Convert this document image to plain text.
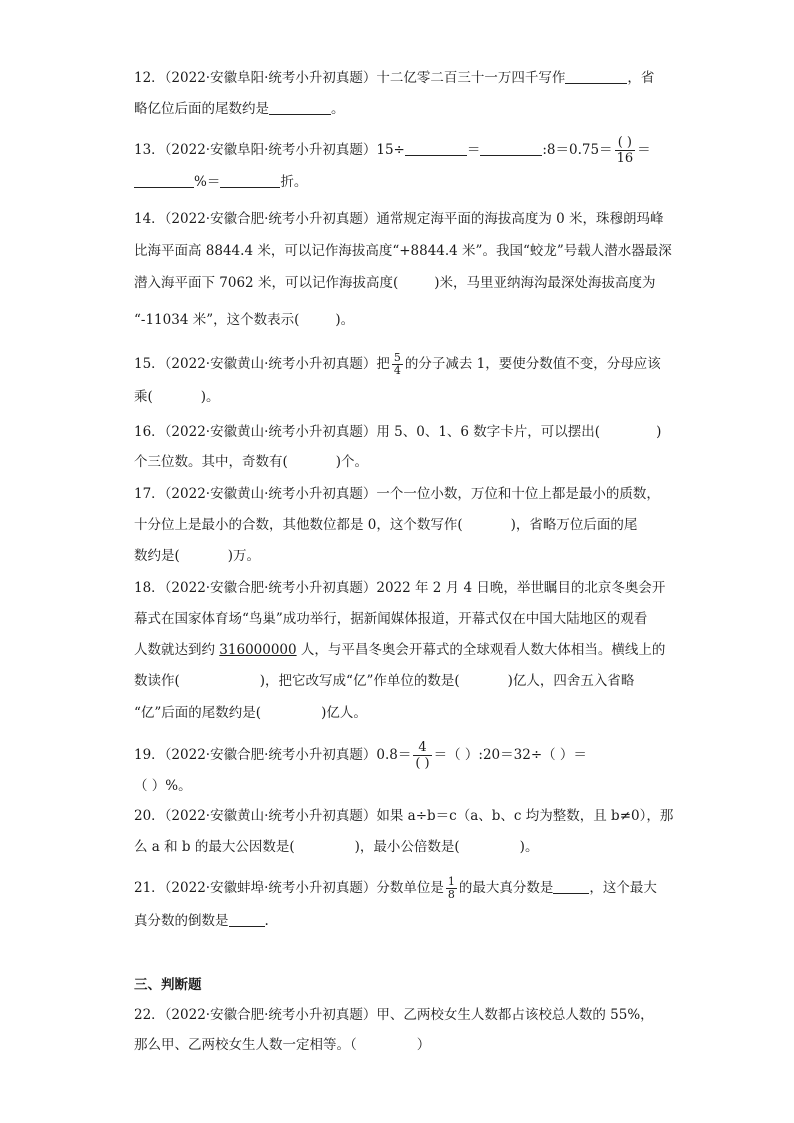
12．（2022·安徽阜阳·统考小升初真题）十二亿零二百三十一万四千写作	，省
略亿位后面的尾数约是	。
13．（2022·安徽阜阳·统考小升初真题）15÷	＝	:8＝0.75＝ $\frac{( )}{16}$ ＝
%＝	折。
14．（2022·安徽合肥·统考小升初真题）通常规定海平面的海拔高度为 0 米，珠穆朗玛峰
比海平面高 8844.4 米，可以记作海拔高度“+8844.4 米”。我国“蛟龙”号载人潜水器最深
潜入海平面下 7062 米，可以记作海拔高度(	)米，马里亚纳海沟最深处海拔高度为
“-11034 米”，这个数表示(	)。
15．（2022·安徽黄山·统考小升初真题）把 $\frac{5}{4}$ 的分子减去 1，要使分数值不变，分母应该
乘(	)。
16．（2022·安徽黄山·统考小升初真题）用 5、0、1、6 数字卡片，可以摆出(	)
个三位数。其中，奇数有(	)个。
17．（2022·安徽黄山·统考小升初真题）一个一位小数，万位和十位上都是最小的质数，
十分位上是最小的合数，其他数位都是 0，这个数写作(	)，省略万位后面的尾
数约是(	)万。
18．（2022·安徽合肥·统考小升初真题）2022 年 2 月 4 日晚，举世瞩目的北京冬奥会开
幕式在国家体育场“鸟巢”成功举行，据新闻媒体报道，开幕式仅在中国大陆地区的观看
人数就达到约 316000000 人，与平昌冬奥会开幕式的全球观看人数大体相当。横线上的
数读作(	)，把它改写成“亿”作单位的数是(	)亿人，四舍五入省略
“亿”后面的尾数约是(	)亿人。
19．（2022·安徽合肥·统考小升初真题）$0.8= \frac{4}{( )}$ ＝（ ）:20＝32÷（ ）＝
（ ）%。
20．（2022·安徽黄山·统考小升初真题）如果 a÷b＝c（a、b、c 均为整数，且 b≠0），那
么 a 和 b 的最大公因数是(	)，最小公倍数是(	)。
21．（2022·安徽蚌埠·统考小升初真题）分数单位是 $\frac{1}{8}$ 的最大真分数是	，这个最大
真分数的倒数是	.
三、判断题
22．（2022·安徽合肥·统考小升初真题）甲、乙两校女生人数都占该校总人数的 55%，
那么甲、乙两校女生人数一定相等。（	）
